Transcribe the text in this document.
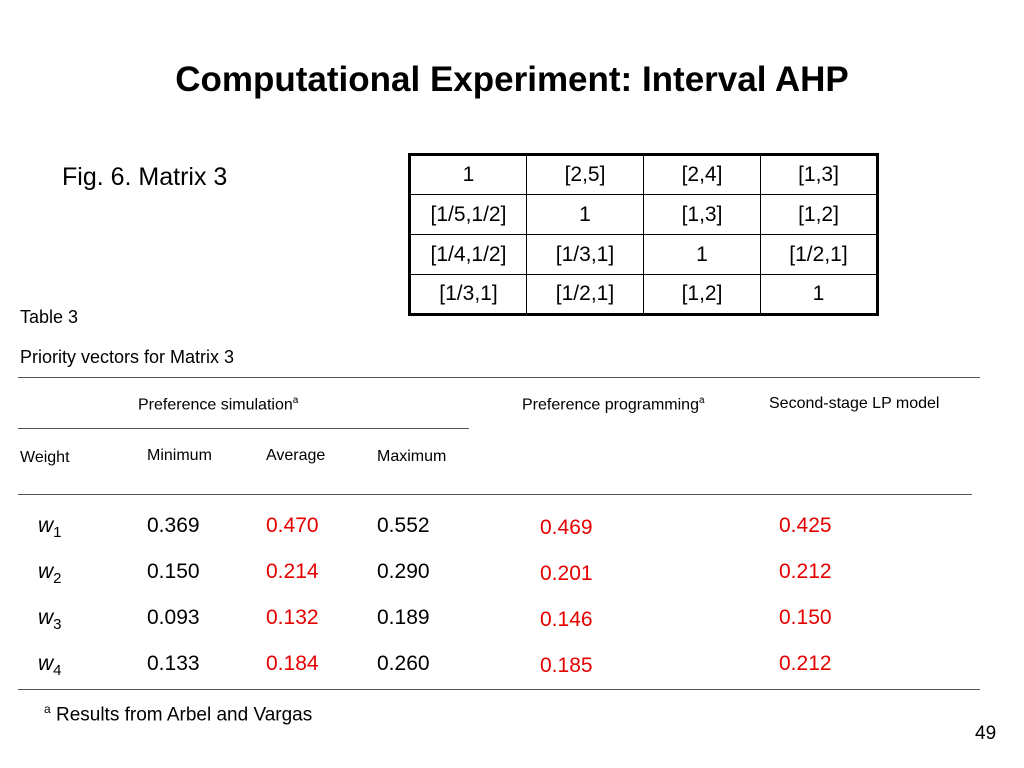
Computational Experiment: Interval AHP
Fig. 6. Matrix 3	1	[2,5]	[2,4]	[1,3]
[1/5,1/2]	1	[1,3]	[1,2]
[1/4,1/2]	[1/3,1]	1	[1/2,1]
[1/3,1]	[1/2,1]	[1,2]	1
Table 3
Priority vectors for Matrix 3
Preference simulation$^a$	Preference programming$^a$	Second-stage LP model
Weight	Minimum	Average	Maximum
$w_1$	0.369	0.470	0.552	0.469	0.425
$w_2$	0.150	0.214	0.290	0.201	0.212
$w_3$	0.093	0.132	0.189	0.146	0.150
$w_4$	0.133	0.184	0.260	0.185	0.212
$^a$ Results from Arbel and Vargas
49
